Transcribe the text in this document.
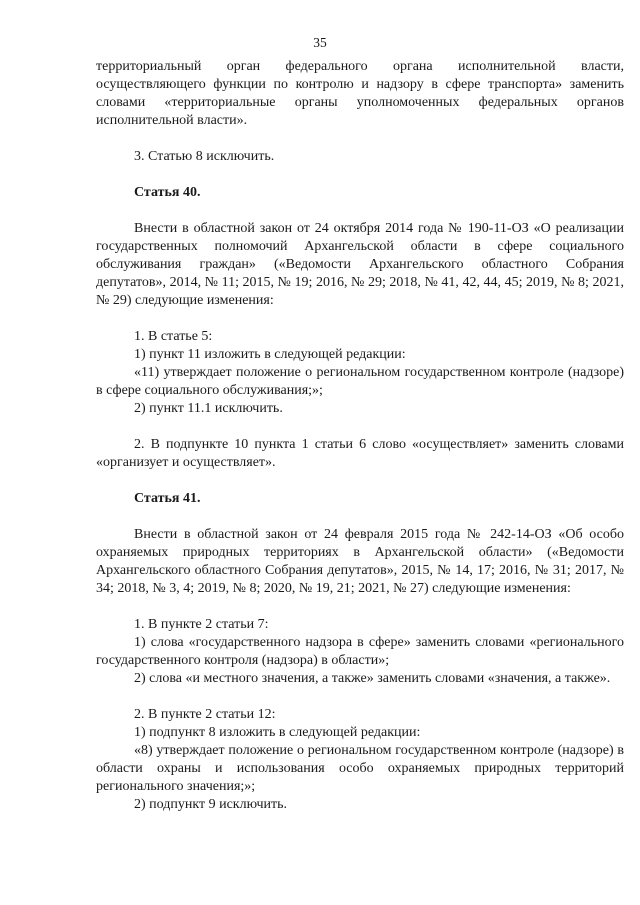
35

территориальный орган федерального органа исполнительной власти, осуществляющего функции по контролю и надзору в сфере транспорта» заменить словами «территориальные органы уполномоченных федеральных органов исполнительной власти».

3. Статью 8 исключить.

Статья 40.

Внести в областной закон от 24 октября 2014 года № 190-11-ОЗ «О реализации государственных полномочий Архангельской области в сфере социального обслуживания граждан» («Ведомости Архангельского областного Собрания депутатов», 2014, № 11; 2015, № 19; 2016, № 29; 2018, № 41, 42, 44, 45; 2019, № 8; 2021, № 29) следующие изменения:

1. В статье 5:

1) пункт 11 изложить в следующей редакции:

«11) утверждает положение о региональном государственном контроле (надзоре) в сфере социального обслуживания;»;

2) пункт 11.1 исключить.

2. В подпункте 10 пункта 1 статьи 6 слово «осуществляет» заменить словами «организует и осуществляет».

Статья 41.

Внести в областной закон от 24 февраля 2015 года № 242-14-ОЗ «Об особо охраняемых природных территориях в Архангельской области» («Ведомости Архангельского областного Собрания депутатов», 2015, № 14, 17; 2016, № 31; 2017, № 34; 2018, № 3, 4; 2019, № 8; 2020, № 19, 21; 2021, № 27) следующие изменения:

1. В пункте 2 статьи 7:

1) слова «государственного надзора в сфере» заменить словами «регионального государственного контроля (надзора) в области»;

2) слова «и местного значения, а также» заменить словами «значения, а также».

2. В пункте 2 статьи 12:

1) подпункт 8 изложить в следующей редакции:

«8) утверждает положение о региональном государственном контроле (надзоре) в области охраны и использования особо охраняемых природных территорий регионального значения;»;

2) подпункт 9 исключить.
